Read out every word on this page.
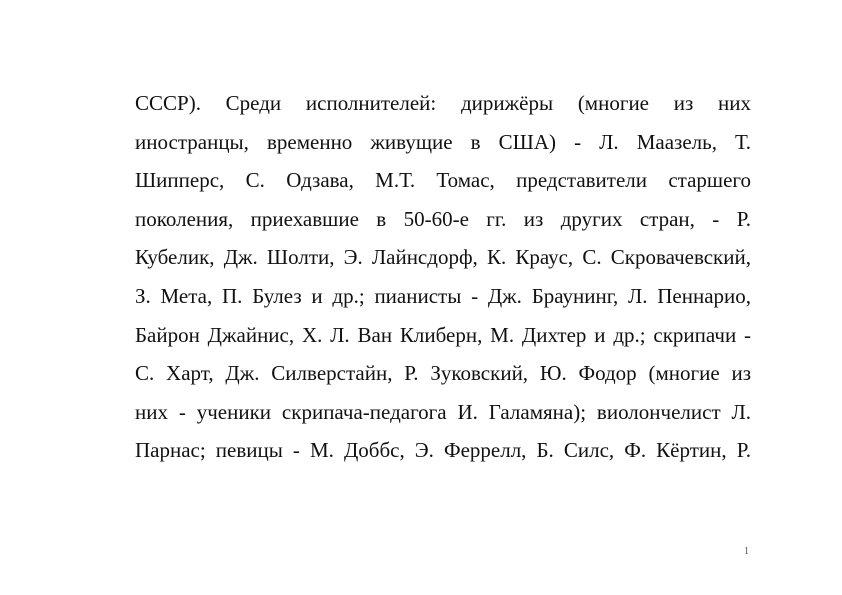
СССР). Среди исполнителей: дирижёры (многие из них
иностранцы, временно живущие в США) - Л. Маазель, Т.
Шипперс, С. Одзава, М.Т. Томас, представители старшего
поколения, приехавшие в 50-60-е гг. из других стран, - Р.
Кубелик, Дж. Шолти, Э. Лайнсдорф, К. Краус, С. Скровачевский,
З. Мета, П. Булез и др.; пианисты - Дж. Браунинг, Л. Пеннарио,
Байрон Джайнис, Х. Л. Ван Клиберн, М. Дихтер и др.; скрипачи -
С. Харт, Дж. Силверстайн, Р. Зуковский, Ю. Фодор (многие из
них - ученики скрипача-педагога И. Галамяна); виолончелист Л.
Парнас; певицы - М. Доббс, Э. Феррелл, Б. Силс, Ф. Кёртин, Р.
1
